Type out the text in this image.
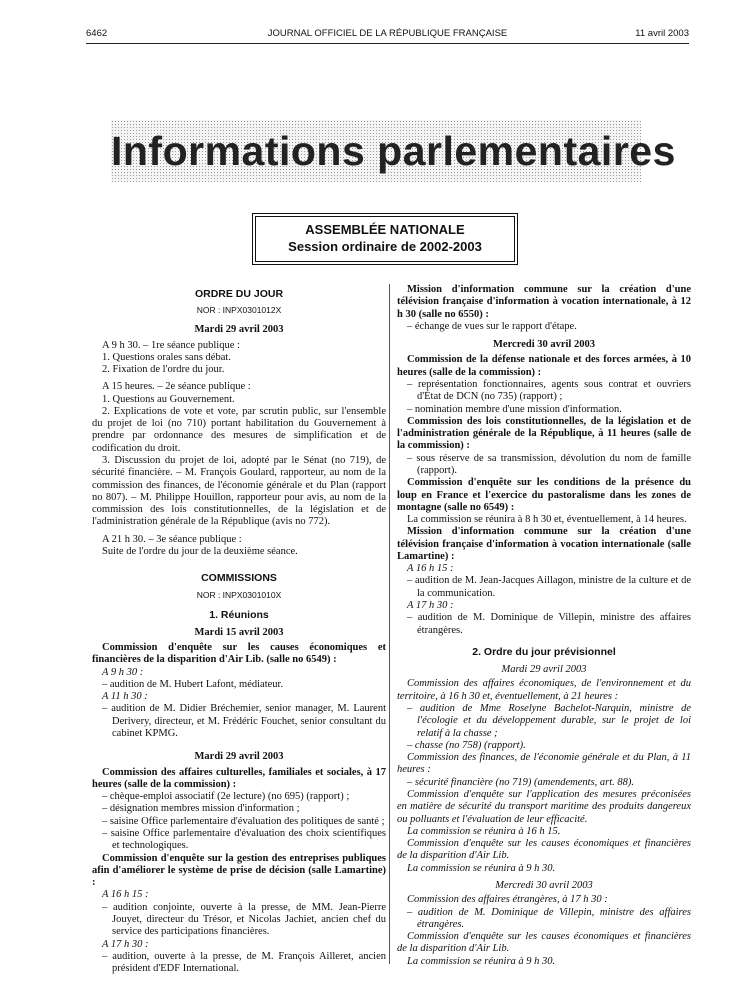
6462	JOURNAL OFFICIEL DE LA RÉPUBLIQUE FRANÇAISE	11 avril 2003
Informations parlementaires
ASSEMBLÉE NATIONALE
Session ordinaire de 2002-2003
ORDRE DU JOUR
NOR : INPX0301012X
Mardi 29 avril 2003

A 9 h 30. – 1re séance publique :

1. Questions orales sans débat.

2. Fixation de l'ordre du jour.

A 15 heures. – 2e séance publique :

1. Questions au Gouvernement.

2. Explications de vote et vote, par scrutin public, sur l'ensemble du projet de loi (no 710) portant habilitation du Gouvernement à prendre par ordonnance des mesures de simplification et de codification du droit.

3. Discussion du projet de loi, adopté par le Sénat (no 719), de sécurité financière. – M. François Goulard, rapporteur, au nom de la commission des finances, de l'économie générale et du Plan (rapport no 807). – M. Philippe Houillon, rapporteur pour avis, au nom de la commission des lois constitutionnelles, de la législation et de l'administration générale de la République (avis no 772).

A 21 h 30. – 3e séance publique :

Suite de l'ordre du jour de la deuxième séance.

COMMISSIONS
NOR : INPX0301010X
1. Réunions
Mardi 15 avril 2003

Commission d'enquête sur les causes économiques et financières de la disparition d'Air Lib. (salle no 6549) :

A 9 h 30 :

– audition de M. Hubert Lafont, médiateur.

A 11 h 30 :

– audition de M. Didier Bréchemier, senior manager, M. Laurent Derivery, directeur, et M. Frédéric Fouchet, senior consultant du cabinet KPMG.

Mardi 29 avril 2003

Commission des affaires culturelles, familiales et sociales, à 17 heures (salle de la commission) :

– chèque-emploi associatif (2e lecture) (no 695) (rapport) ;

– désignation membres mission d'information ;

– saisine Office parlementaire d'évaluation des politiques de santé ;

– saisine Office parlementaire d'évaluation des choix scientifiques et technologiques.

Commission d'enquête sur la gestion des entreprises publiques afin d'améliorer le système de prise de décision (salle Lamartine) :

A 16 h 15 :

– audition conjointe, ouverte à la presse, de MM. Jean-Pierre Jouyet, directeur du Trésor, et Nicolas Jachiet, ancien chef du service des participations financières.

A 17 h 30 :

– audition, ouverte à la presse, de M. François Ailleret, ancien président d'EDF International.

Mission d'information commune sur la création d'une télévision française d'information à vocation internationale, à 12 h 30 (salle no 6550) :

– échange de vues sur le rapport d'étape.

Mercredi 30 avril 2003

Commission de la défense nationale et des forces armées, à 10 heures (salle de la commission) :

– représentation fonctionnaires, agents sous contrat et ouvriers d'État de DCN (no 735) (rapport) ;

– nomination membre d'une mission d'information.

Commission des lois constitutionnelles, de la législation et de l'administration générale de la République, à 11 heures (salle de la commission) :

– sous réserve de sa transmission, dévolution du nom de famille (rapport).

Commission d'enquête sur les conditions de la présence du loup en France et l'exercice du pastoralisme dans les zones de montagne (salle no 6549) :

La commission se réunira à 8 h 30 et, éventuellement, à 14 heures.

Mission d'information commune sur la création d'une télévision française d'information à vocation internationale (salle Lamartine) :

A 16 h 15 :

– audition de M. Jean-Jacques Aillagon, ministre de la culture et de la communication.

A 17 h 30 :

– audition de M. Dominique de Villepin, ministre des affaires étrangères.

2. Ordre du jour prévisionnel
Mardi 29 avril 2003

Commission des affaires économiques, de l'environnement et du territoire, à 16 h 30 et, éventuellement, à 21 heures :

– audition de Mme Roselyne Bachelot-Narquin, ministre de l'écologie et du développement durable, sur le projet de loi relatif à la chasse ;

– chasse (no 758) (rapport).

Commission des finances, de l'économie générale et du Plan, à 11 heures :

– sécurité financière (no 719) (amendements, art. 88).

Commission d'enquête sur l'application des mesures préconisées en matière de sécurité du transport maritime des produits dangereux ou polluants et l'évaluation de leur efficacité.

La commission se réunira à 16 h 15.

Commission d'enquête sur les causes économiques et financières de la disparition d'Air Lib.

La commission se réunira à 9 h 30.

Mercredi 30 avril 2003

Commission des affaires étrangères, à 17 h 30 :

– audition de M. Dominique de Villepin, ministre des affaires étrangères.

Commission d'enquête sur les causes économiques et financières de la disparition d'Air Lib.

La commission se réunira à 9 h 30.
